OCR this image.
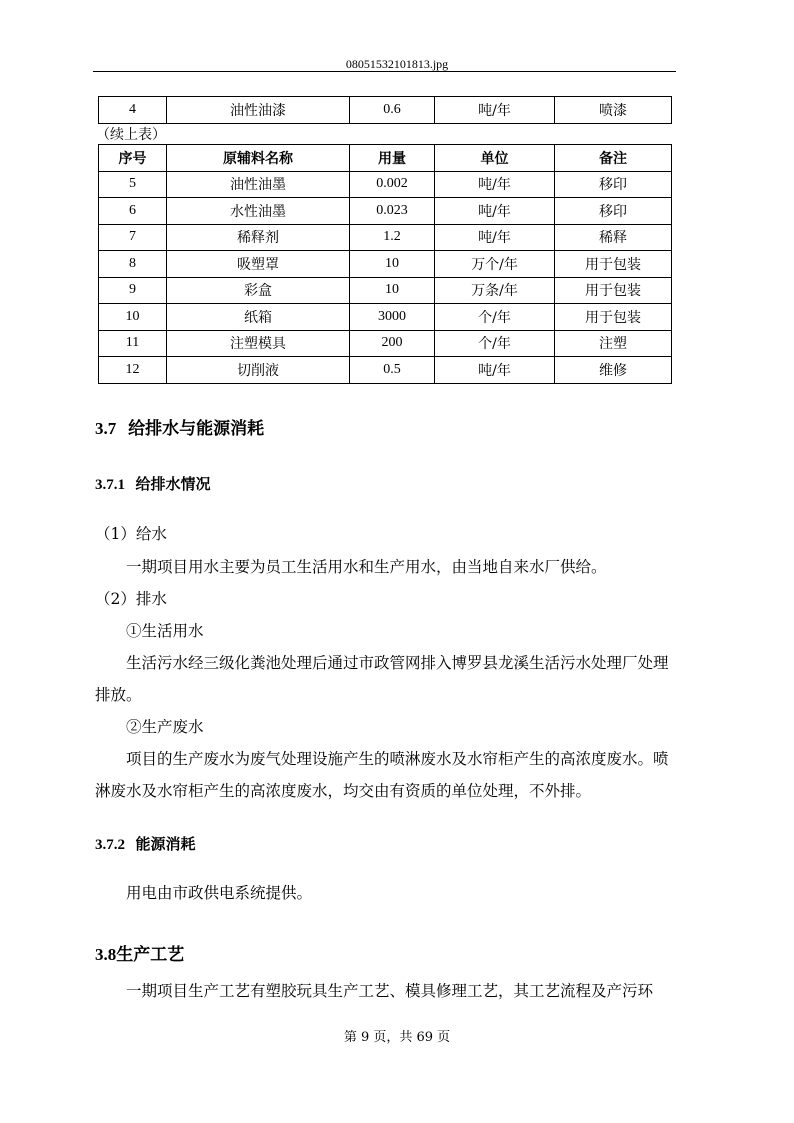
08051532101813.jpg
4	油性油漆	0.6	吨/年	喷漆
（续上表）
序号	原辅料名称	用量	单位	备注
5	油性油墨	0.002	吨/年	移印
6	水性油墨	0.023	吨/年	移印
7	稀释剂	1.2	吨/年	稀释
8	吸塑罩	10	万个/年	用于包装
9	彩盒	10	万条/年	用于包装
10	纸箱	3000	个/年	用于包装
11	注塑模具	200	个/年	注塑
12	切削液	0.5	吨/年	维修
3.7 给排水与能源消耗
3.7.1 给排水情况

（1）给水

一期项目用水主要为员工生活用水和生产用水，由当地自来水厂供给。

（2）排水

①生活用水

生活污水经三级化粪池处理后通过市政管网排入博罗县龙溪生活污水处理厂处理排放。

②生产废水

项目的生产废水为废气处理设施产生的喷淋废水及水帘柜产生的高浓度废水。喷淋废水及水帘柜产生的高浓度废水，均交由有资质的单位处理，不外排。

3.7.2 能源消耗

用电由市政供电系统提供。

3.8生产工艺

一期项目生产工艺有塑胶玩具生产工艺、模具修理工艺，其工艺流程及产污环

第 9 页，共 69 页
